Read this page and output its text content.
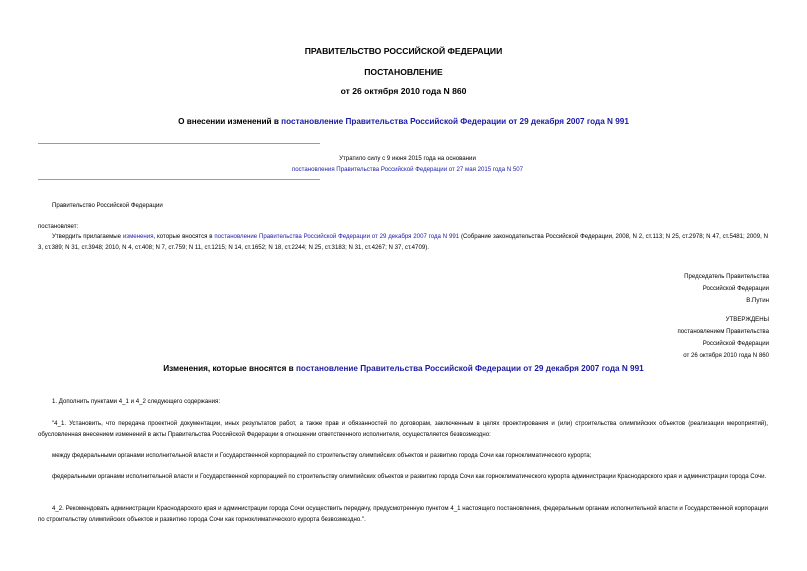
ПРАВИТЕЛЬСТВО РОССИЙСКОЙ ФЕДЕРАЦИИ
ПОСТАНОВЛЕНИЕ
от 26 октября 2010 года N 860
О внесении изменений в постановление Правительства Российской Федерации от 29 декабря 2007 года N 991
Утратило силу с 9 июня 2015 года на основании
постановления Правительства Российской Федерации от 27 мая 2015 года N 507
Правительство Российской Федерации
постановляет:
Утвердить прилагаемые изменения, которые вносятся в постановление Правительства Российской Федерации от 29 декабря 2007 года N 991 (Собрание законодательства Российской Федерации, 2008, N 2, ст.113; N 25, ст.2978; N 47, ст.5481; 2009, N 3, ст.389; N 31, ст.3948; 2010, N 4, ст.408; N 7, ст.759; N 11, ст.1215; N 14, ст.1652; N 18, ст.2244; N 25, ст.3183; N 31, ст.4267; N 37, ст.4709).
Председатель Правительства
Российской Федерации
В.Путин
УТВЕРЖДЕНЫ
постановлением Правительства
Российской Федерации
от 26 октября 2010 года N 860
Изменения, которые вносятся в постановление Правительства Российской Федерации от 29 декабря 2007 года N 991
1. Дополнить пунктами 4_1 и 4_2 следующего содержания:
"4_1. Установить, что передача проектной документации, иных результатов работ, а также прав и обязанностей по договорам, заключенным в целях проектирования и (или) строительства олимпийских объектов (реализации мероприятий), обусловленная внесением изменений в акты Правительства Российской Федерации в отношении ответственного исполнителя, осуществляется безвозмездно:
между федеральными органами исполнительной власти и Государственной корпорацией по строительству олимпийских объектов и развитию города Сочи как горноклиматического курорта;
федеральными органами исполнительной власти и Государственной корпорацией по строительству олимпийских объектов и развитию города Сочи как горноклиматического курорта администрации Краснодарского края и администрации города Сочи.
4_2. Рекомендовать администрации Краснодарского края и администрации города Сочи осуществить передачу, предусмотренную пунктом 4_1 настоящего постановления, федеральным органам исполнительной власти и Государственной корпорации по строительству олимпийских объектов и развитию города Сочи как горноклиматического курорта безвозмездно.".
